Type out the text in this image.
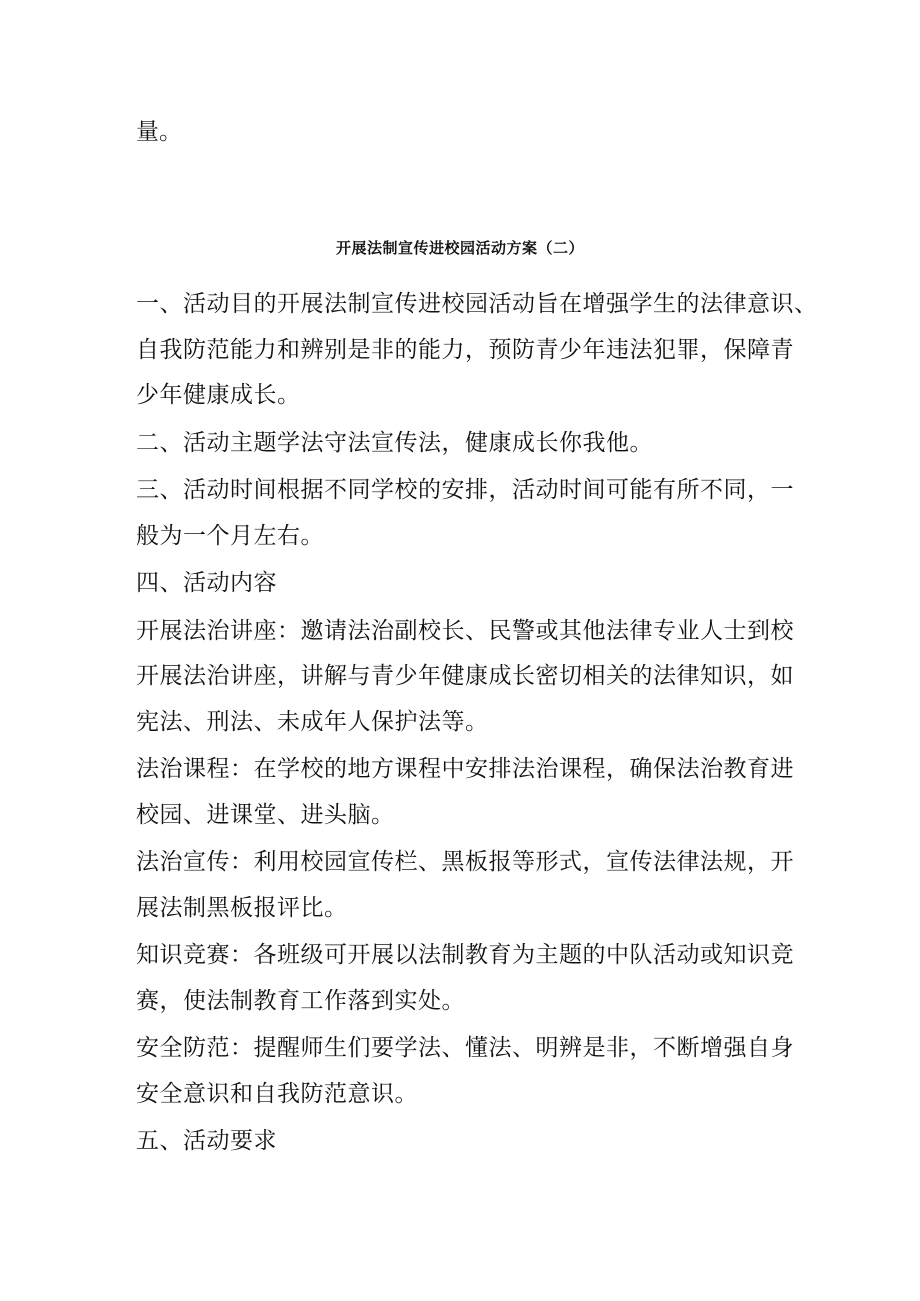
量。

开展法制宣传进校园活动方案（二）

一、活动目的开展法制宣传进校园活动旨在增强学生的法律意识、
自我防范能力和辨别是非的能力，预防青少年违法犯罪，保障青
少年健康成长。

二、活动主题学法守法宣传法，健康成长你我他。

三、活动时间根据不同学校的安排，活动时间可能有所不同，一
般为一个月左右。

四、活动内容

开展法治讲座：邀请法治副校长、民警或其他法律专业人士到校
开展法治讲座，讲解与青少年健康成长密切相关的法律知识，如
宪法、刑法、未成年人保护法等。

法治课程：在学校的地方课程中安排法治课程，确保法治教育进
校园、进课堂、进头脑。

法治宣传：利用校园宣传栏、黑板报等形式，宣传法律法规，开
展法制黑板报评比。

知识竞赛：各班级可开展以法制教育为主题的中队活动或知识竞
赛，使法制教育工作落到实处。

安全防范：提醒师生们要学法、懂法、明辨是非，不断增强自身
安全意识和自我防范意识。

五、活动要求
